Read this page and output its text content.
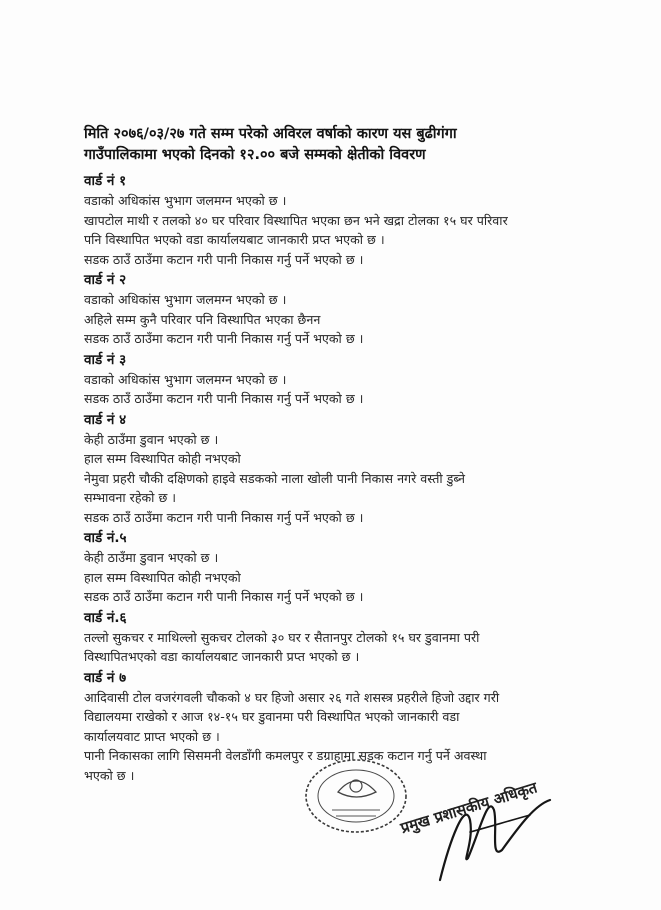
मिति २०७६/०३/२७ गते सम्म परेको अविरल वर्षाको कारण यस बुढीगंगा
गाउँपालिकामा भएको दिनको १२.०० बजे सम्मको क्षेतीको विवरण
वार्ड नं १
वडाको अधिकांस भुभाग जलमग्न भएको छ ।
खापटोल माथी र तलको ४० घर परिवार विस्थापित भएका छन भने खद्रा टोलका १५ घर परिवार
पनि विस्थापित भएको वडा कार्यालयबाट जानकारी प्रप्त भएको छ ।
सडक ठाउँ ठाउँमा कटान गरी पानी निकास गर्नु पर्ने भएको छ ।
वार्ड नं २
वडाको अधिकांस भुभाग जलमग्न भएको छ ।
अहिले सम्म कुनै परिवार पनि विस्थापित भएका छैनन
सडक ठाउँ ठाउँमा कटान गरी पानी निकास गर्नु पर्ने भएको छ ।
वार्ड नं ३
वडाको अधिकांस भुभाग जलमग्न भएको छ ।
सडक ठाउँ ठाउँमा कटान गरी पानी निकास गर्नु पर्ने भएको छ ।
वार्ड नं ४
केही ठाउँमा डुवान भएको छ ।
हाल सम्म विस्थापित कोही नभएको
नेमुवा प्रहरी चौकी दक्षिणको हाइवे सडकको नाला खोली पानी निकास नगरे वस्ती डुब्ने
सम्भावना रहेको छ ।
सडक ठाउँ ठाउँमा कटान गरी पानी निकास गर्नु पर्ने भएको छ ।
वार्ड नं.५
केही ठाउँमा डुवान भएको छ ।
हाल सम्म विस्थापित कोही नभएको
सडक ठाउँ ठाउँमा कटान गरी पानी निकास गर्नु पर्ने भएको छ ।
वार्ड नं.६
तल्लो सुकचर र माथिल्लो सुकचर टोलको ३० घर र सैतानपुर टोलको १५ घर डुवानमा परी
विस्थापितभएको वडा कार्यालयबाट जानकारी प्रप्त भएको छ ।
वार्ड नं ७
आदिवासी टोल वजरंगवली चौकको ४ घर हिजो असार २६ गते शसस्त्र प्रहरीले हिजो उद्दार गरी
विद्यालयमा राखेको र आज १४-१५ घर डुवानमा परी विस्थापित भएको जानकारी वडा
कार्यालयवाट प्राप्त भएको छ ।
पानी निकासका लागि सिसमनी वेलडाँगी कमलपुर र डग्राहामा सडक कटान गर्नु पर्ने अवस्था
भएको छ ।
प्रमुख प्रशासकीय अधिकृत
